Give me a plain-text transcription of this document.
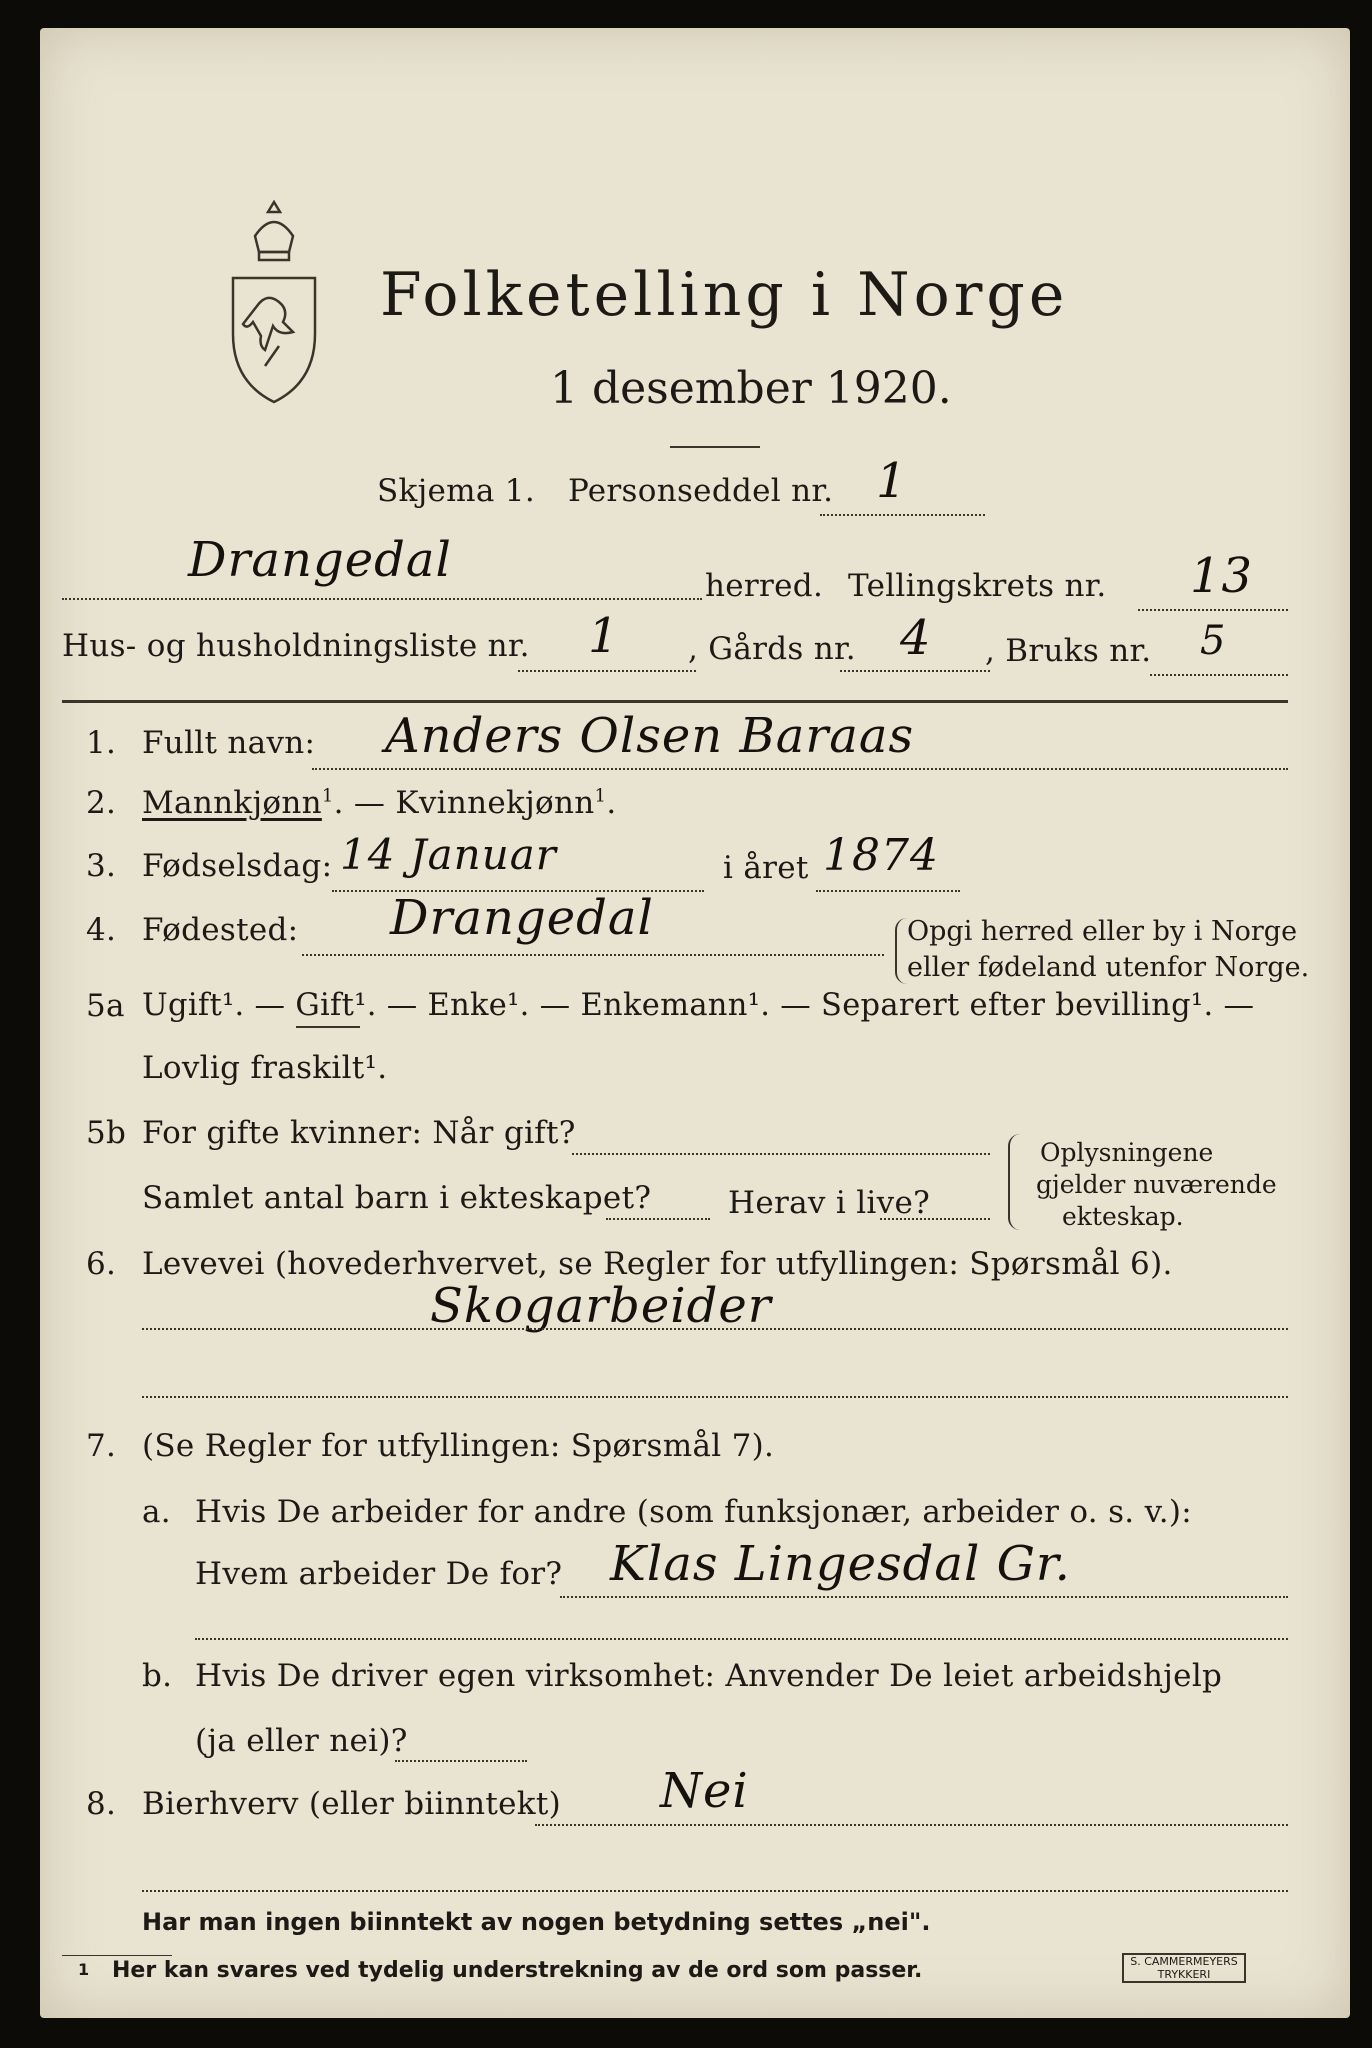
Folketelling i Norge
1 desember 1920.
Skjema 1. Personseddel nr. 1
Drangedal	herred. Tellingskrets nr. 13
Hus- og husholdningsliste nr. 1 , Gårds nr. 4 , Bruks nr. 5
1. Fullt navn: Anders Olsen Baraas
2. Mannkjønn$^1$. — Kvinnekjønn$^1$.
3. Fødselsdag: 14 Januar	i året 1874
4. Fødested: Drangedal	Opgi herred eller by i Norge
eller fødeland utenfor Norge.
5a Ugift¹. — Gift¹. — Enke¹. — Enkemann¹. — Separert efter bevilling¹. —
Lovlig fraskilt¹.
5b For gifte kvinner: Når gift?
Samlet antal barn i ekteskapet? Herav i live?
Oplysningene
gjelder nuværende
ekteskap.
6. Levevei (hovederhvervet, se Regler for utfyllingen: Spørsmål 6).
Skogarbeider
7. (Se Regler for utfyllingen: Spørsmål 7).
a. Hvis De arbeider for andre (som funksjonær, arbeider o. s. v.):
Hvem arbeider De for? Klas Lingesdal Gr.
b. Hvis De driver egen virksomhet: Anvender De leiet arbeidshjelp
(ja eller nei)?
8. Bierhverv (eller biinntekt) Nei
Har man ingen biinntekt av nogen betydning settes „nei".
1 Her kan svares ved tydelig understrekning av de ord som passer.	S. CAMMERMEYERS TRYKKERI
